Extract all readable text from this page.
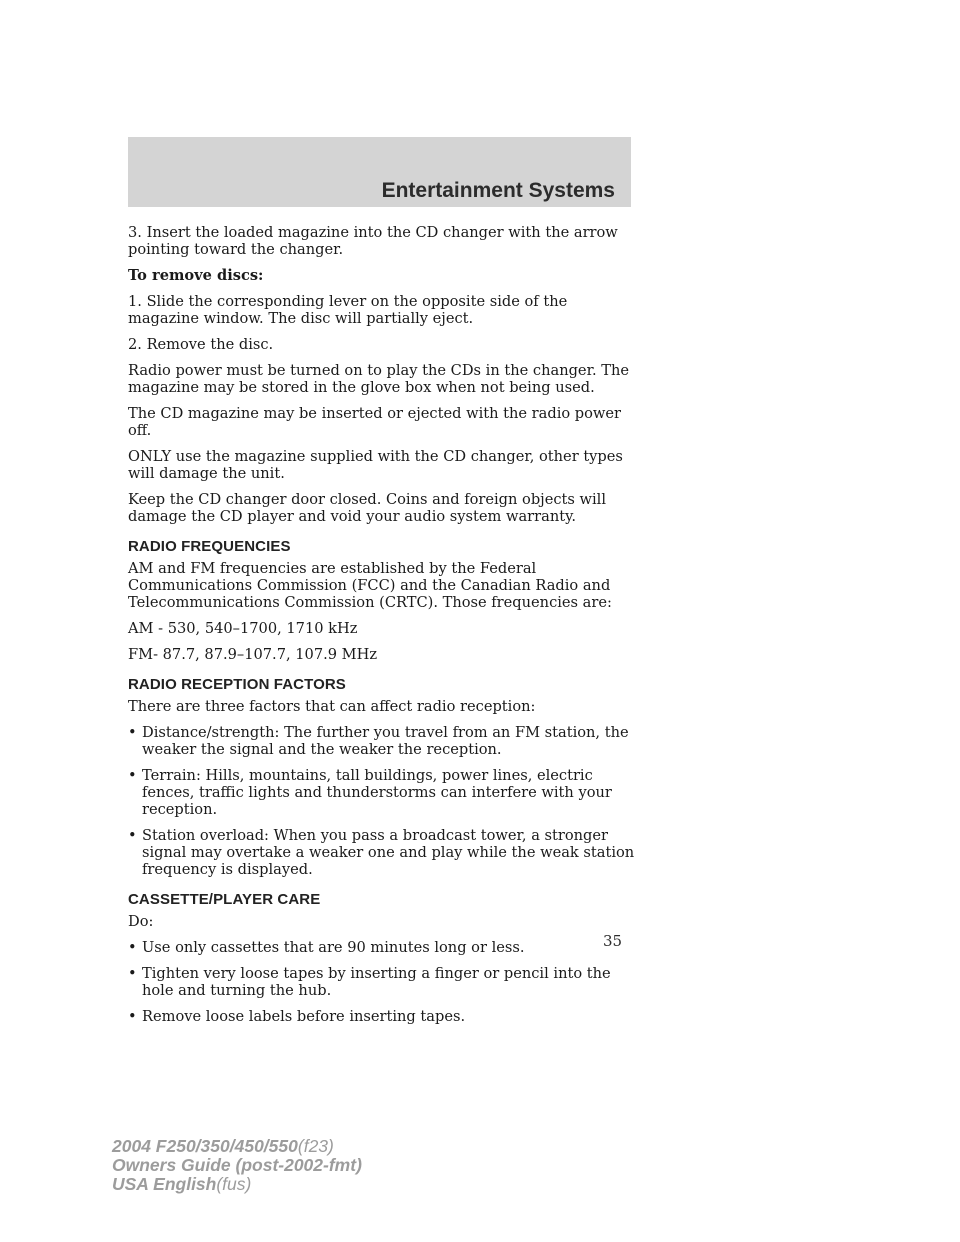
Entertainment Systems

3. Insert the loaded magazine into the CD changer with the arrow pointing toward the changer.

To remove discs:

1. Slide the corresponding lever on the opposite side of the magazine window. The disc will partially eject.

2. Remove the disc.

Radio power must be turned on to play the CDs in the changer. The magazine may be stored in the glove box when not being used.

The CD magazine may be inserted or ejected with the radio power off.

ONLY use the magazine supplied with the CD changer, other types will damage the unit.

Keep the CD changer door closed. Coins and foreign objects will damage the CD player and void your audio system warranty.

RADIO FREQUENCIES

AM and FM frequencies are established by the Federal Communications Commission (FCC) and the Canadian Radio and Telecommunications Commission (CRTC). Those frequencies are:

AM - 530, 540–1700, 1710 kHz

FM- 87.7, 87.9–107.7, 107.9 MHz

RADIO RECEPTION FACTORS

There are three factors that can affect radio reception:

• Distance/strength: The further you travel from an FM station, the weaker the signal and the weaker the reception.
• Terrain: Hills, mountains, tall buildings, power lines, electric fences, traffic lights and thunderstorms can interfere with your reception.
• Station overload: When you pass a broadcast tower, a stronger signal may overtake a weaker one and play while the weak station frequency is displayed.
CASSETTE/PLAYER CARE

Do:

• Use only cassettes that are 90 minutes long or less.
• Tighten very loose tapes by inserting a finger or pencil into the hole and turning the hub.
• Remove loose labels before inserting tapes.
35
2004 F250/350/450/550(f23)
Owners Guide (post-2002-fmt)
USA English(fus)
